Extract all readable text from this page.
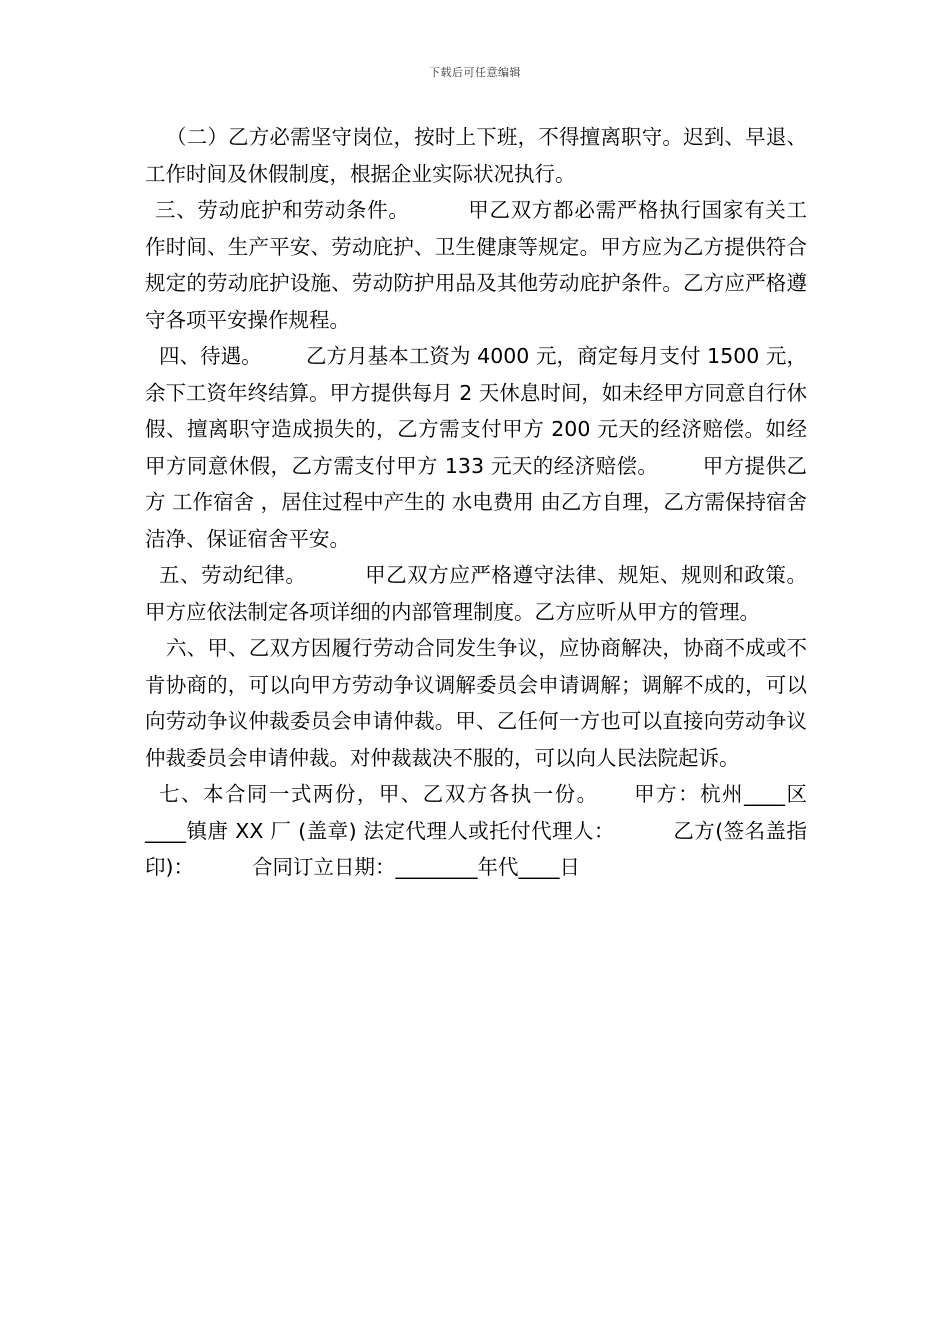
下载后可任意编辑

（二）乙方必需坚守岗位，按时上下班，不得擅离职守。迟到、早退、工作时间及休假制度，根据企业实际状况执行。

三、劳动庇护和劳动条件。	甲乙双方都必需严格执行国家有关工作时间、生产平安、劳动庇护、卫生健康等规定。甲方应为乙方提供符合规定的劳动庇护设施、劳动防护用品及其他劳动庇护条件。乙方应严格遵守各项平安操作规程。

四、待遇。 乙方月基本工资为 4000 元，商定每月支付 1500 元，余下工资年终结算。甲方提供每月 2 天休息时间，如未经甲方同意自行休假、擅离职守造成损失的，乙方需支付甲方 200 元天的经济赔偿。如经甲方同意休假，乙方需支付甲方 133 元天的经济赔偿。 甲方提供乙方 工作宿舍 ，居住过程中产生的 水电费用 由乙方自理，乙方需保持宿舍洁净、保证宿舍平安。

五、劳动纪律。	甲乙双方应严格遵守法律、规矩、规则和政策。甲方应依法制定各项详细的内部管理制度。乙方应听从甲方的管理。

六、甲、乙双方因履行劳动合同发生争议，应协商解决，协商不成或不肯协商的，可以向甲方劳动争议调解委员会申请调解；调解不成的，可以向劳动争议仲裁委员会申请仲裁。甲、乙任何一方也可以直接向劳动争议仲裁委员会申请仲裁。对仲裁裁决不服的，可以向人民法院起诉。

七、本合同一式两份，甲、乙双方各执一份。 甲方：杭州____区____镇唐 XX 厂 (盖章) 法定代理人或托付代理人：	乙方(签名盖指印)：	合同订立日期：________年代____日
